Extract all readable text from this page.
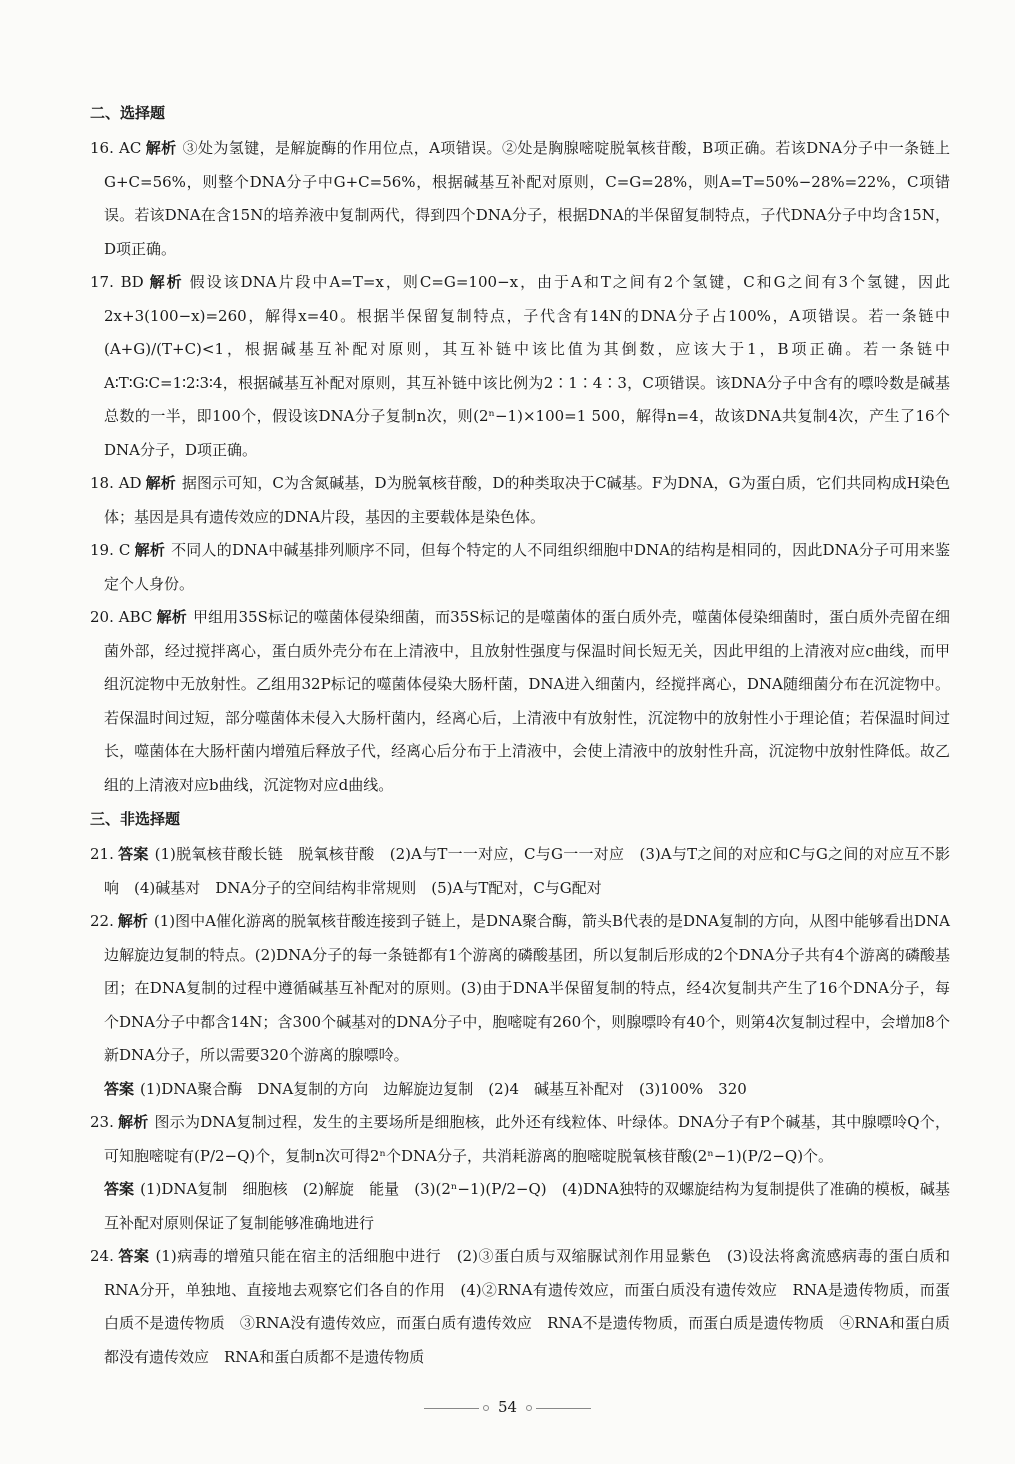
二、选择题

16. AC 解析 ③处为氢键，是解旋酶的作用位点，A项错误。②处是胸腺嘧啶脱氧核苷酸，B项正确。若该DNA分子中一条链上G+C=56%，则整个DNA分子中G+C=56%，根据碱基互补配对原则，C=G=28%，则A=T=50%−28%=22%，C项错误。若该DNA在含15N的培养液中复制两代，得到四个DNA分子，根据DNA的半保留复制特点，子代DNA分子中均含15N，D项正确。

17. BD 解析 假设该DNA片段中A=T=x，则C=G=100−x，由于A和T之间有2个氢键，C和G之间有3个氢键，因此2x+3(100−x)=260，解得x=40。根据半保留复制特点，子代含有14N的DNA分子占100%，A项错误。若一条链中(A+G)/(T+C)<1，根据碱基互补配对原则，其互补链中该比值为其倒数，应该大于1，B项正确。若一条链中A∶T∶G∶C=1∶2∶3∶4，根据碱基互补配对原则，其互补链中该比例为2∶1∶4∶3，C项错误。该DNA分子中含有的嘌呤数是碱基总数的一半，即100个，假设该DNA分子复制n次，则(2ⁿ−1)×100=1 500，解得n=4，故该DNA共复制4次，产生了16个DNA分子，D项正确。

18. AD 解析 据图示可知，C为含氮碱基，D为脱氧核苷酸，D的种类取决于C碱基。F为DNA，G为蛋白质，它们共同构成H染色体；基因是具有遗传效应的DNA片段，基因的主要载体是染色体。

19. C 解析 不同人的DNA中碱基排列顺序不同，但每个特定的人不同组织细胞中DNA的结构是相同的，因此DNA分子可用来鉴定个人身份。

20. ABC 解析 甲组用35S标记的噬菌体侵染细菌，而35S标记的是噬菌体的蛋白质外壳，噬菌体侵染细菌时，蛋白质外壳留在细菌外部，经过搅拌离心，蛋白质外壳分布在上清液中，且放射性强度与保温时间长短无关，因此甲组的上清液对应c曲线，而甲组沉淀物中无放射性。乙组用32P标记的噬菌体侵染大肠杆菌，DNA进入细菌内，经搅拌离心，DNA随细菌分布在沉淀物中。若保温时间过短，部分噬菌体未侵入大肠杆菌内，经离心后，上清液中有放射性，沉淀物中的放射性小于理论值；若保温时间过长，噬菌体在大肠杆菌内增殖后释放子代，经离心后分布于上清液中，会使上清液中的放射性升高，沉淀物中放射性降低。故乙组的上清液对应b曲线，沉淀物对应d曲线。

三、非选择题

21. 答案 (1)脱氧核苷酸长链　脱氧核苷酸　(2)A与T一一对应，C与G一一对应　(3)A与T之间的对应和C与G之间的对应互不影响　(4)碱基对　DNA分子的空间结构非常规则　(5)A与T配对，C与G配对

22. 解析 (1)图中A催化游离的脱氧核苷酸连接到子链上，是DNA聚合酶，箭头B代表的是DNA复制的方向，从图中能够看出DNA边解旋边复制的特点。(2)DNA分子的每一条链都有1个游离的磷酸基团，所以复制后形成的2个DNA分子共有4个游离的磷酸基团；在DNA复制的过程中遵循碱基互补配对的原则。(3)由于DNA半保留复制的特点，经4次复制共产生了16个DNA分子，每个DNA分子中都含14N；含300个碱基对的DNA分子中，胞嘧啶有260个，则腺嘌呤有40个，则第4次复制过程中，会增加8个新DNA分子，所以需要320个游离的腺嘌呤。

答案 (1)DNA聚合酶　DNA复制的方向　边解旋边复制　(2)4　碱基互补配对　(3)100%　320

23. 解析 图示为DNA复制过程，发生的主要场所是细胞核，此外还有线粒体、叶绿体。DNA分子有P个碱基，其中腺嘌呤Q个，可知胞嘧啶有(P/2−Q)个，复制n次可得2ⁿ个DNA分子，共消耗游离的胞嘧啶脱氧核苷酸(2ⁿ−1)(P/2−Q)个。

答案 (1)DNA复制　细胞核　(2)解旋　能量　(3)(2ⁿ−1)(P/2−Q)　(4)DNA独特的双螺旋结构为复制提供了准确的模板，碱基互补配对原则保证了复制能够准确地进行

24. 答案 (1)病毒的增殖只能在宿主的活细胞中进行　(2)③蛋白质与双缩脲试剂作用显紫色　(3)设法将禽流感病毒的蛋白质和RNA分开，单独地、直接地去观察它们各自的作用　(4)②RNA有遗传效应，而蛋白质没有遗传效应　RNA是遗传物质，而蛋白质不是遗传物质　③RNA没有遗传效应，而蛋白质有遗传效应　RNA不是遗传物质，而蛋白质是遗传物质　④RNA和蛋白质都没有遗传效应　RNA和蛋白质都不是遗传物质

54
